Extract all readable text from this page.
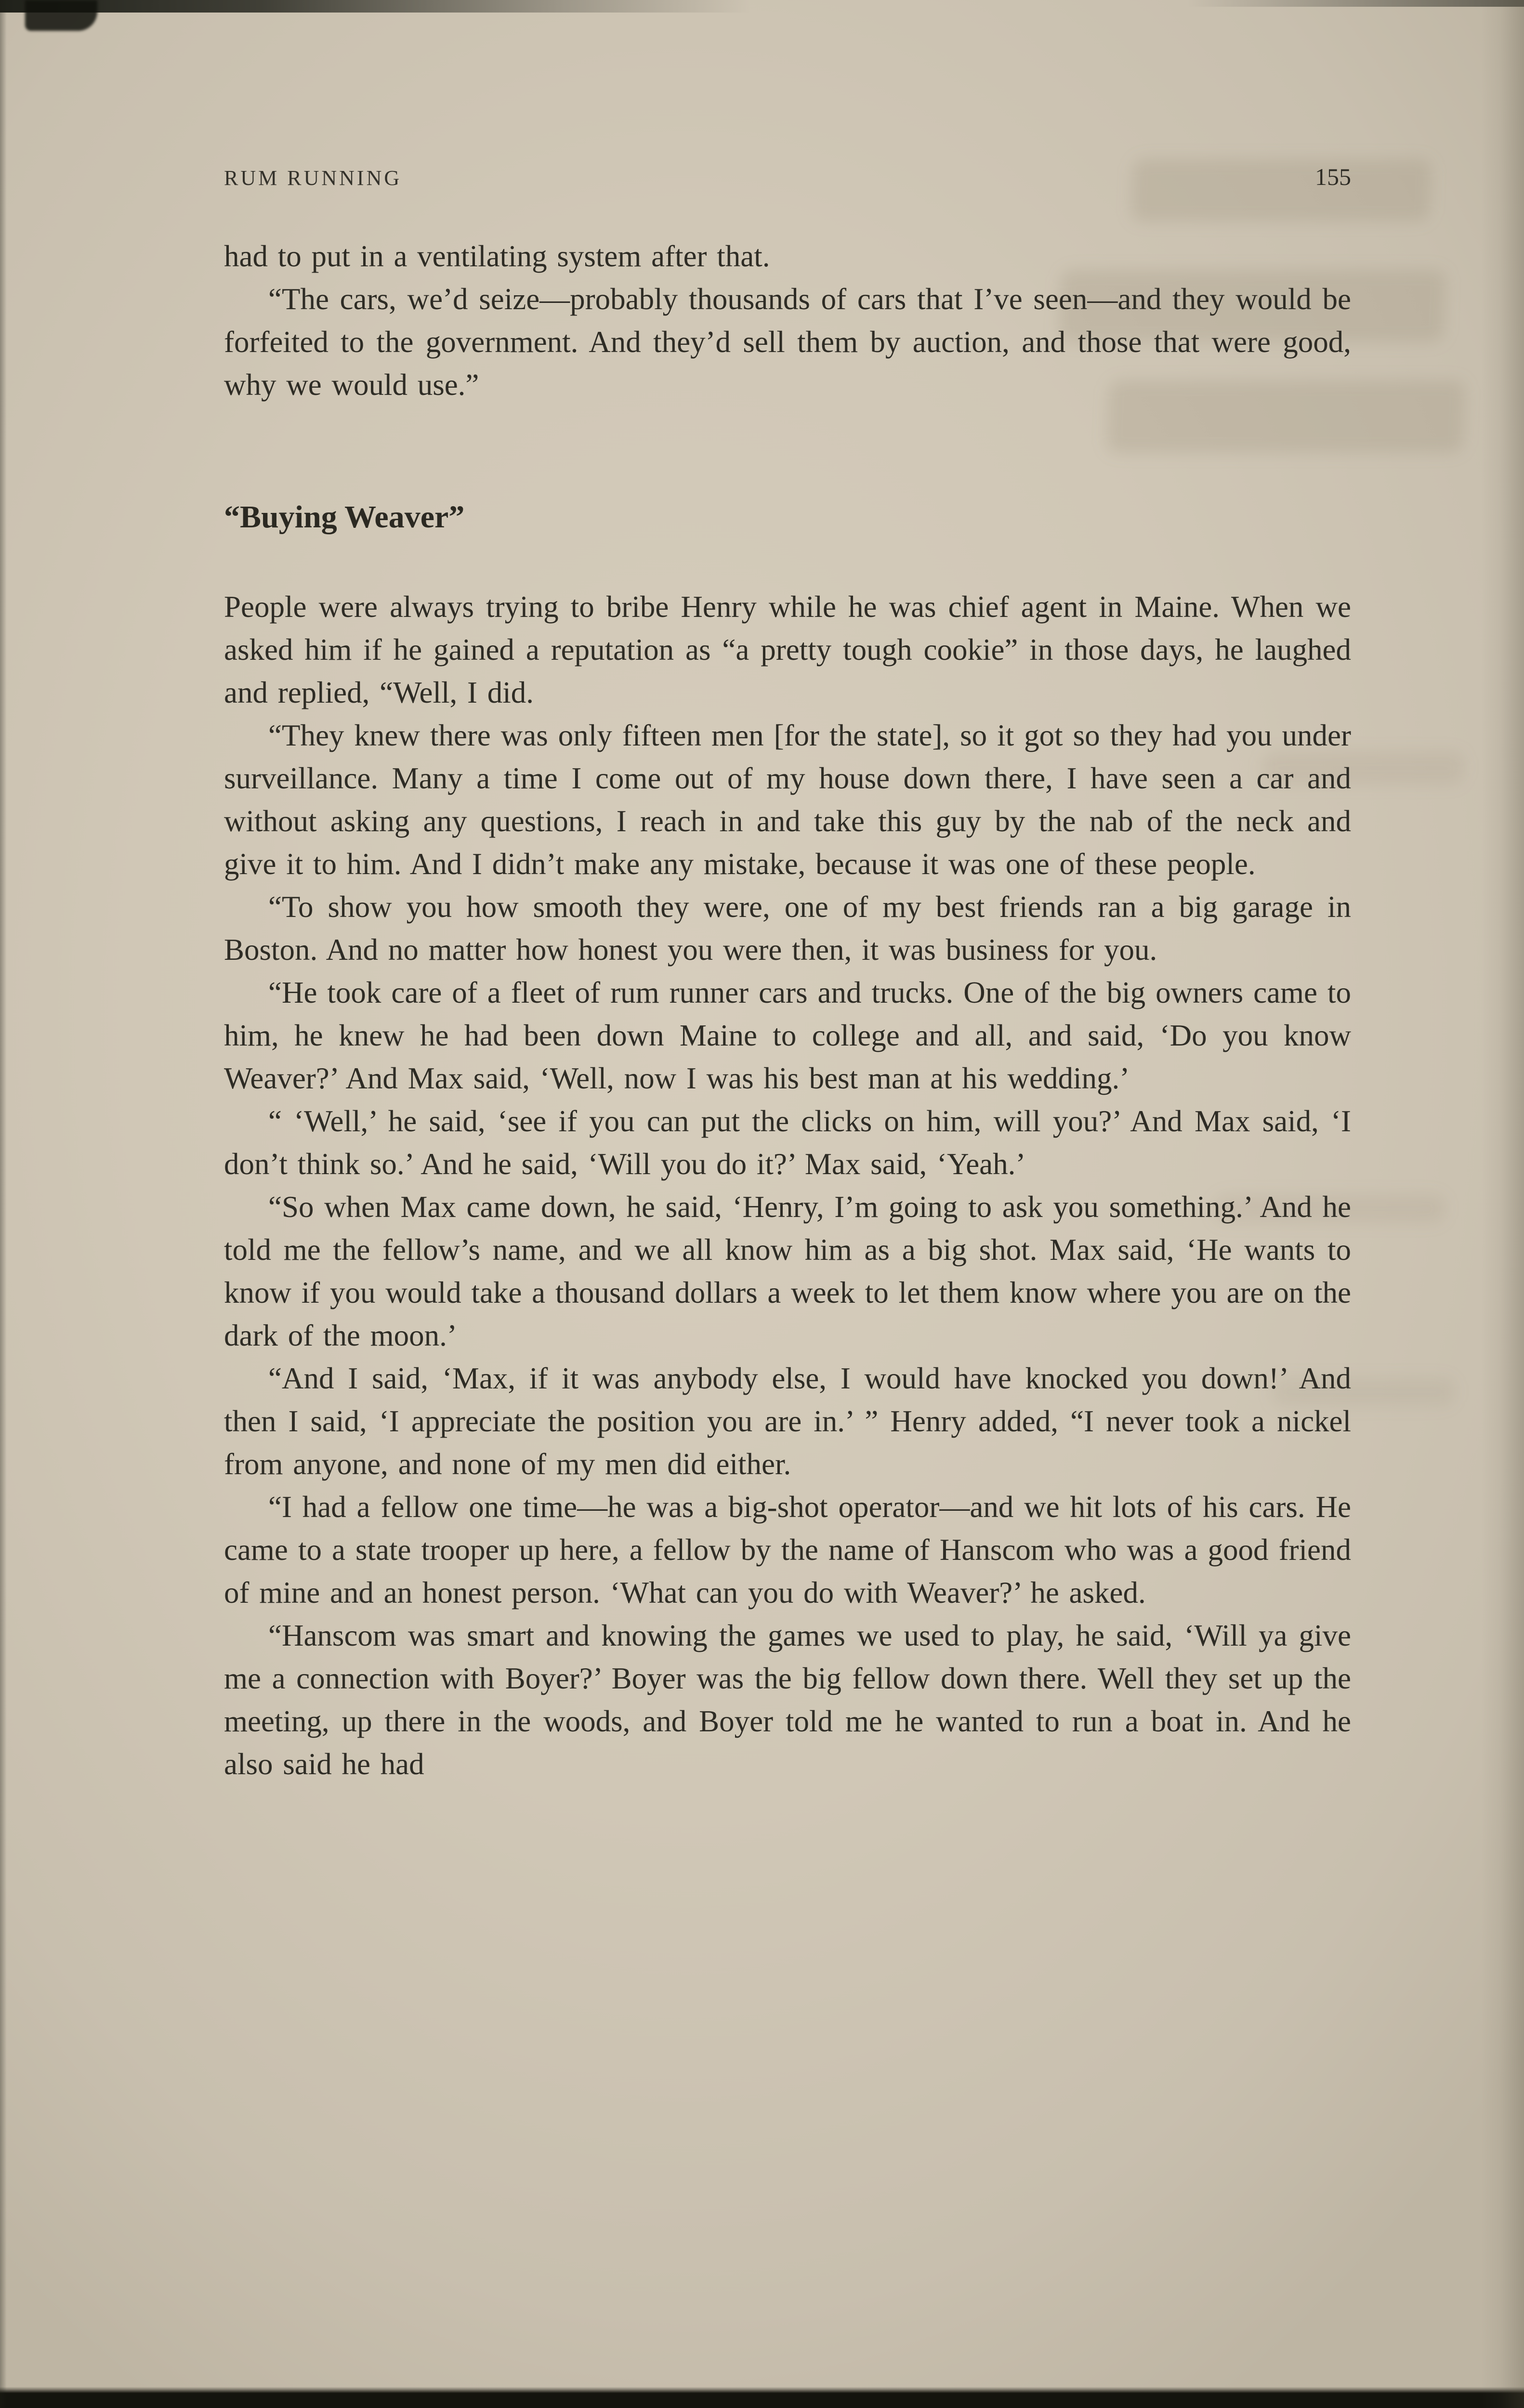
RUM RUNNING	155

had to put in a ventilating system after that.

“The cars, we’d seize—probably thousands of cars that I’ve seen—and they would be forfeited to the government. And they’d sell them by auction, and those that were good, why we would use.”

“Buying Weaver”

People were always trying to bribe Henry while he was chief agent in Maine. When we asked him if he gained a reputation as “a pretty tough cookie” in those days, he laughed and replied, “Well, I did.

“They knew there was only fifteen men [for the state], so it got so they had you under surveillance. Many a time I come out of my house down there, I have seen a car and without asking any questions, I reach in and take this guy by the nab of the neck and give it to him. And I didn’t make any mistake, because it was one of these people.

“To show you how smooth they were, one of my best friends ran a big garage in Boston. And no matter how honest you were then, it was business for you.

“He took care of a fleet of rum runner cars and trucks. One of the big owners came to him, he knew he had been down Maine to college and all, and said, ‘Do you know Weaver?’ And Max said, ‘Well, now I was his best man at his wedding.’

“ ‘Well,’ he said, ‘see if you can put the clicks on him, will you?’ And Max said, ‘I don’t think so.’ And he said, ‘Will you do it?’ Max said, ‘Yeah.’

“So when Max came down, he said, ‘Henry, I’m going to ask you something.’ And he told me the fellow’s name, and we all know him as a big shot. Max said, ‘He wants to know if you would take a thousand dollars a week to let them know where you are on the dark of the moon.’

“And I said, ‘Max, if it was anybody else, I would have knocked you down!’ And then I said, ‘I appreciate the position you are in.’ ” Henry added, “I never took a nickel from anyone, and none of my men did either.

“I had a fellow one time—he was a big-shot operator—and we hit lots of his cars. He came to a state trooper up here, a fellow by the name of Hanscom who was a good friend of mine and an honest person. ‘What can you do with Weaver?’ he asked.

“Hanscom was smart and knowing the games we used to play, he said, ‘Will ya give me a connection with Boyer?’ Boyer was the big fellow down there. Well they set up the meeting, up there in the woods, and Boyer told me he wanted to run a boat in. And he also said he had
